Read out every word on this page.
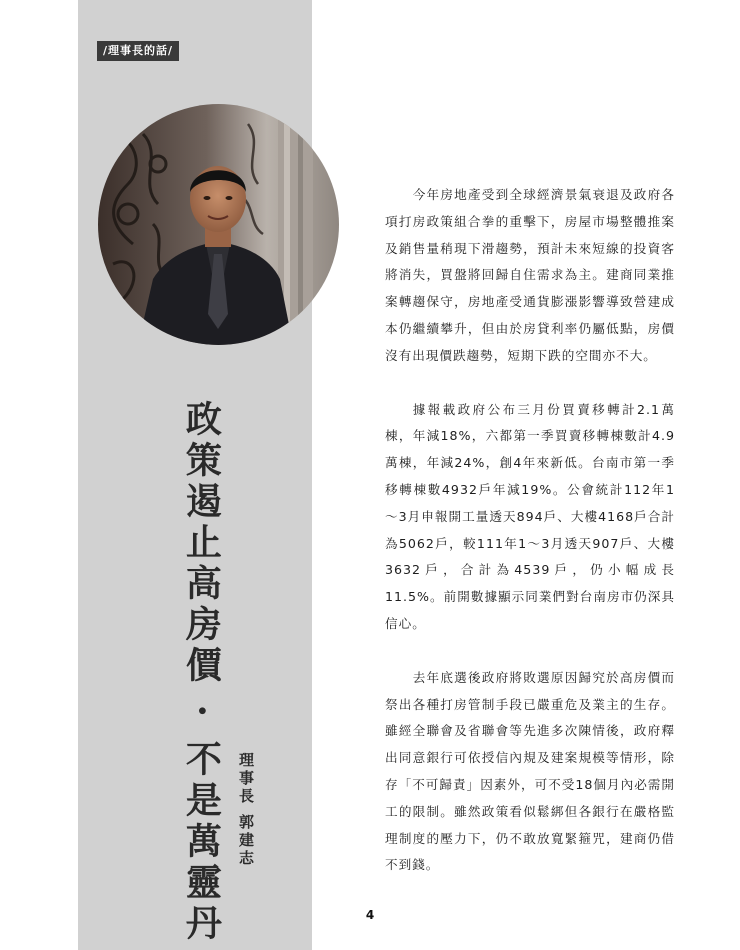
/理事長的話/
政策遏止高房價 · 不是萬靈丹 理事長
郭建志

今年房地產受到全球經濟景氣衰退及政府各項打房政策組合拳的重擊下，房屋市場整體推案及銷售量稍現下滑趨勢，預計未來短線的投資客將消失，買盤將回歸自住需求為主。建商同業推案轉趨保守，房地產受通貨膨漲影響導致營建成本仍繼續攀升，但由於房貸利率仍屬低點，房價沒有出現價跌趨勢，短期下跌的空間亦不大。

據報載政府公布三月份買賣移轉計2.1萬棟，年減18%，六都第一季買賣移轉棟數計4.9萬棟，年減24%，創4年來新低。台南市第一季移轉棟數4932戶年減19%。公會統計112年1～3月申報開工量透天894戶、大樓4168戶合計為5062戶，較111年1～3月透天907戶、大樓3632戶，合計為4539戶，仍小幅成長11.5%。前開數據顯示同業們對台南房市仍深具信心。

去年底選後政府將敗選原因歸究於高房價而祭出各種打房管制手段已嚴重危及業主的生存。雖經全聯會及省聯會等先進多次陳情後，政府釋出同意銀行可依授信內規及建案規模等情形，除存「不可歸責」因素外，可不受18個月內必需開工的限制。雖然政策看似鬆綁但各銀行在嚴格監理制度的壓力下，仍不敢放寬緊箍咒，建商仍借不到錢。

4
